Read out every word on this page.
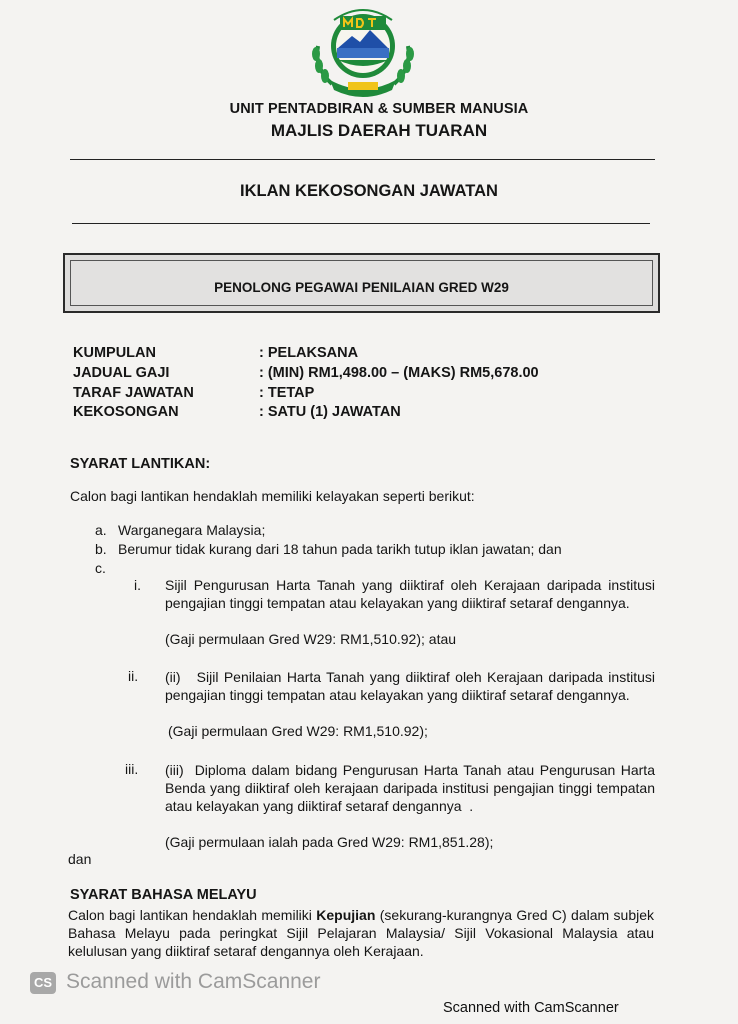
UNIT PENTADBIRAN & SUMBER MANUSIA
MAJLIS DAERAH TUARAN
IKLAN KEKOSONGAN JAWATAN
PENOLONG PEGAWAI PENILAIAN GRED W29
KUMPULAN	: PELAKSANA
JADUAL GAJI	: (MIN) RM1,498.00 – (MAKS) RM5,678.00
TARAF JAWATAN	: TETAP
KEKOSONGAN	: SATU (1) JAWATAN
SYARAT LANTIKAN:
Calon bagi lantikan hendaklah memiliki kelayakan seperti berikut:
a. Warganegara Malaysia;
b. Berumur tidak kurang dari 18 tahun pada tarikh tutup iklan jawatan; dan
c.
i. Sijil Pengurusan Harta Tanah yang diiktiraf oleh Kerajaan daripada institusi pengajian tinggi tempatan atau kelayakan yang diiktiraf setaraf dengannya.
(Gaji permulaan Gred W29: RM1,510.92); atau
ii. (ii)   Sijil Penilaian Harta Tanah yang diiktiraf oleh Kerajaan daripada institusi pengajian tinggi tempatan atau kelayakan yang diiktiraf setaraf dengannya.
(Gaji permulaan Gred W29: RM1,510.92);
iii. (iii)  Diploma dalam bidang Pengurusan Harta Tanah atau Pengurusan Harta Benda yang diiktiraf oleh kerajaan daripada institusi pengajian tinggi tempatan atau kelayakan yang diiktiraf setaraf dengannya  .
(Gaji permulaan ialah pada Gred W29: RM1,851.28);
dan
SYARAT BAHASA MELAYU
Calon bagi lantikan hendaklah memiliki Kepujian (sekurang-kurangnya Gred C) dalam subjek Bahasa Melayu pada peringkat Sijil Pelajaran Malaysia/ Sijil Vokasional Malaysia atau kelulusan yang diiktiraf setaraf dengannya oleh Kerajaan.
CS Scanned with CamScanner
Scanned with CamScanner
